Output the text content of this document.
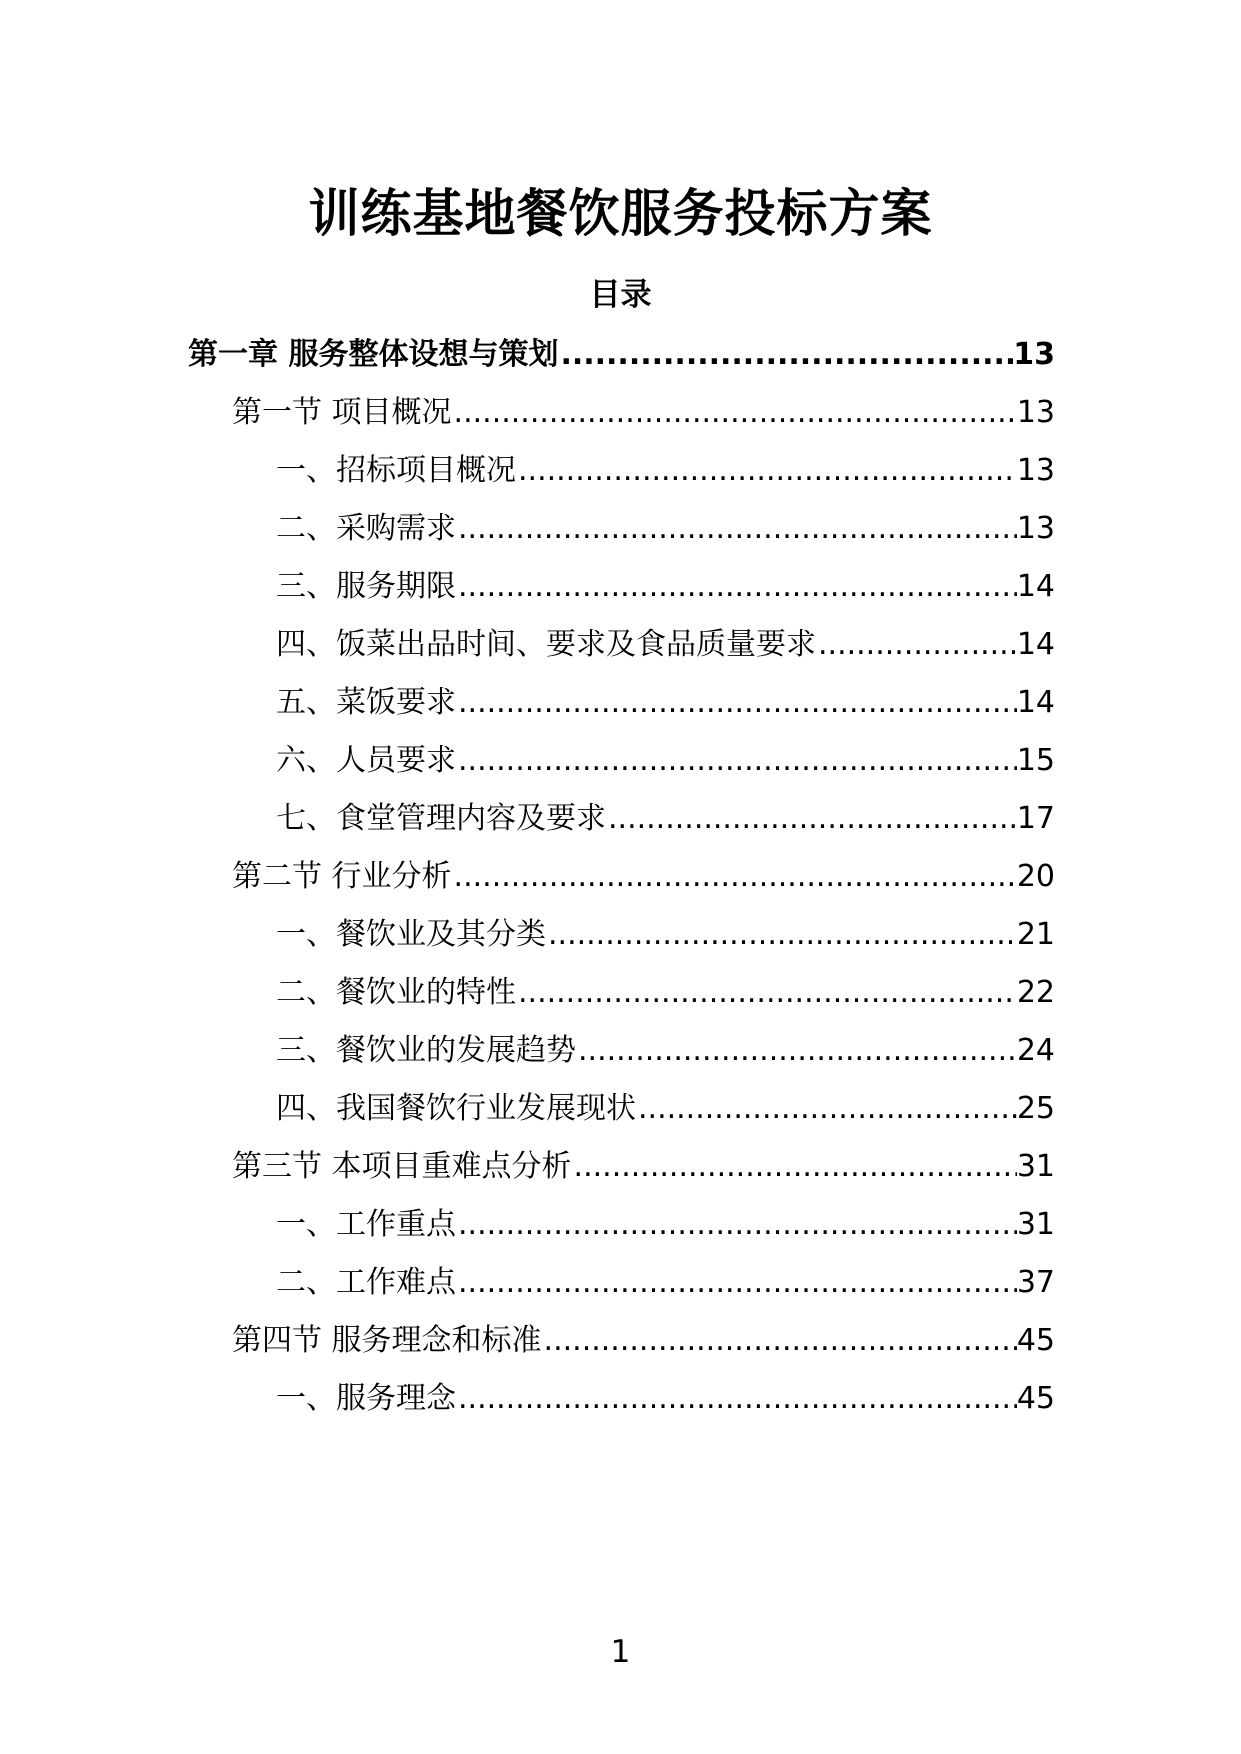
训练基地餐饮服务投标方案
目录
第一章 服务整体设想与策划 .....	13
第一节 项目概况 .....	13
一、招标项目概况 .....	13
二、采购需求 .....	13
三、服务期限 .....	14
四、饭菜出品时间、要求及食品质量要求 .....	14
五、菜饭要求 .....	14
六、人员要求 .....	15
七、食堂管理内容及要求 .....	17
第二节 行业分析 .....	20
一、餐饮业及其分类 .....	21
二、餐饮业的特性 .....	22
三、餐饮业的发展趋势 .....	24
四、我国餐饮行业发展现状 .....	25
第三节 本项目重难点分析 .....	31
一、工作重点 .....	31
二、工作难点 .....	37
第四节 服务理念和标准 .....	45
一、服务理念 .....	45
1
